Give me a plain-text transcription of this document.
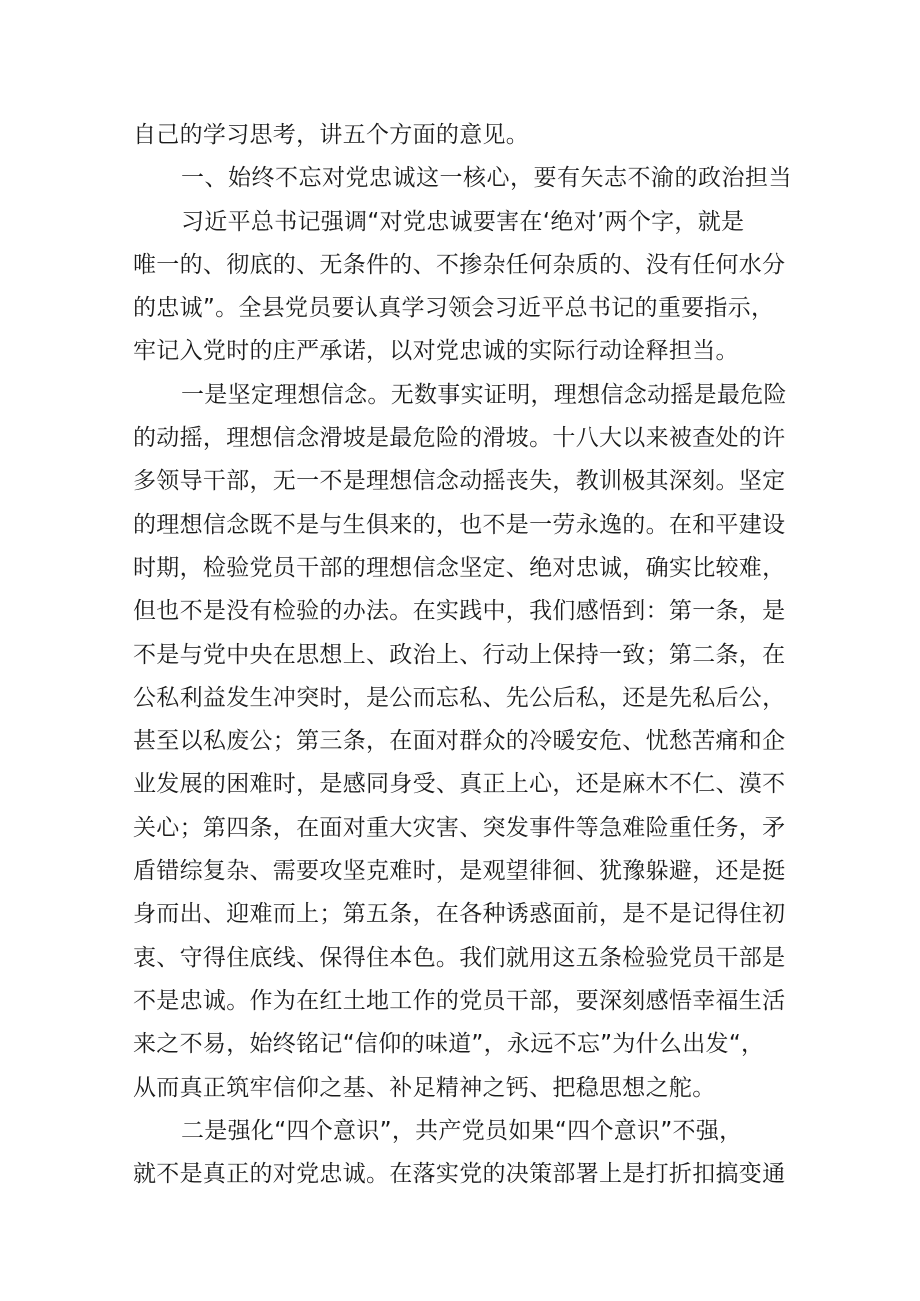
自己的学习思考，讲五个方面的意见。
一、始终不忘对党忠诚这一核心，要有矢志不渝的政治担当
习近平总书记强调“对党忠诚要害在‘绝对’两个字，就是
唯一的、彻底的、无条件的、不掺杂任何杂质的、没有任何水分
的忠诚”。全县党员要认真学习领会习近平总书记的重要指示，
牢记入党时的庄严承诺，以对党忠诚的实际行动诠释担当。
一是坚定理想信念。无数事实证明，理想信念动摇是最危险
的动摇，理想信念滑坡是最危险的滑坡。十八大以来被查处的许
多领导干部，无一不是理想信念动摇丧失，教训极其深刻。坚定
的理想信念既不是与生俱来的，也不是一劳永逸的。在和平建设
时期，检验党员干部的理想信念坚定、绝对忠诚，确实比较难，
但也不是没有检验的办法。在实践中，我们感悟到：第一条，是
不是与党中央在思想上、政治上、行动上保持一致；第二条，在
公私利益发生冲突时，是公而忘私、先公后私，还是先私后公，
甚至以私废公；第三条，在面对群众的冷暖安危、忧愁苦痛和企
业发展的困难时，是感同身受、真正上心，还是麻木不仁、漠不
关心；第四条，在面对重大灾害、突发事件等急难险重任务，矛
盾错综复杂、需要攻坚克难时，是观望徘徊、犹豫躲避，还是挺
身而出、迎难而上；第五条，在各种诱惑面前，是不是记得住初
衷、守得住底线、保得住本色。我们就用这五条检验党员干部是
不是忠诚。作为在红土地工作的党员干部，要深刻感悟幸福生活
来之不易，始终铭记“信仰的味道”，永远不忘”为什么出发“，
从而真正筑牢信仰之基、补足精神之钙、把稳思想之舵。
二是强化“四个意识”，共产党员如果“四个意识”不强，
就不是真正的对党忠诚。在落实党的决策部署上是打折扣搞变通
